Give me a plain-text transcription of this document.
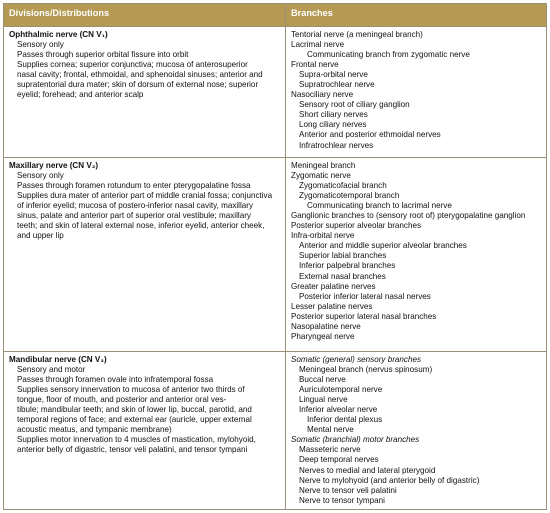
Divisions/Distributions	Branches
Ophthalmic nerve (CN V₁)
Sensory only
Passes through superior orbital fissure into orbit
Supplies cornea; superior conjunctiva; mucosa of anterosuperior
nasal cavity; frontal, ethmoidal, and sphenoidal sinuses; anterior and
supratentorial dura mater; skin of dorsum of external nose; superior
eyelid; forehead; and anterior scalp
Tentorial nerve (a meningeal branch)
Lacrimal nerve
Communicating branch from zygomatic nerve
Frontal nerve
Supra-orbital nerve
Supratrochlear nerve
Nasociliary nerve
Sensory root of ciliary ganglion
Short ciliary nerves
Long ciliary nerves
Anterior and posterior ethmoidal nerves
Infratrochlear nerves
Maxillary nerve (CN V₂)
Sensory only
Passes through foramen rotundum to enter pterygopalatine fossa
Supplies dura mater of anterior part of middle cranial fossa; conjunctiva
of inferior eyelid; mucosa of postero-inferior nasal cavity, maxillary
sinus, palate and anterior part of superior oral vestibule; maxillary
teeth; and skin of lateral external nose, inferior eyelid, anterior cheek,
and upper lip
Meningeal branch
Zygomatic nerve
Zygomaticofacial branch
Zygomaticotemporal branch
Communicating branch to lacrimal nerve
Ganglionic branches to (sensory root of) pterygopalatine ganglion
Posterior superior alveolar branches
Infra-orbital nerve
Anterior and middle superior alveolar branches
Superior labial branches
Inferior palpebral branches
External nasal branches
Greater palatine nerves
Posterior inferior lateral nasal nerves
Lesser palatine nerves
Posterior superior lateral nasal branches
Nasopalatine nerve
Pharyngeal nerve
Mandibular nerve (CN V₃)
Sensory and motor
Passes through foramen ovale into infratemporal fossa
Supplies sensory innervation to mucosa of anterior two thirds of
tongue, floor of mouth, and posterior and anterior oral ves-
tibule; mandibular teeth; and skin of lower lip, buccal, parotid, and
temporal regions of face; and external ear (auricle, upper external
acoustic meatus, and tympanic membrane)
Supplies motor innervation to 4 muscles of mastication, mylohyoid,
anterior belly of digastric, tensor veli palatini, and tensor tympani
Somatic (general) sensory branches
Meningeal branch (nervus spinosum)
Buccal nerve
Auriculotemporal nerve
Lingual nerve
Inferior alveolar nerve
Inferior dental plexus
Mental nerve
Somatic (branchial) motor branches
Masseteric nerve
Deep temporal nerves
Nerves to medial and lateral pterygoid
Nerve to mylohyoid (and anterior belly of digastric)
Nerve to tensor veli palatini
Nerve to tensor tympani
